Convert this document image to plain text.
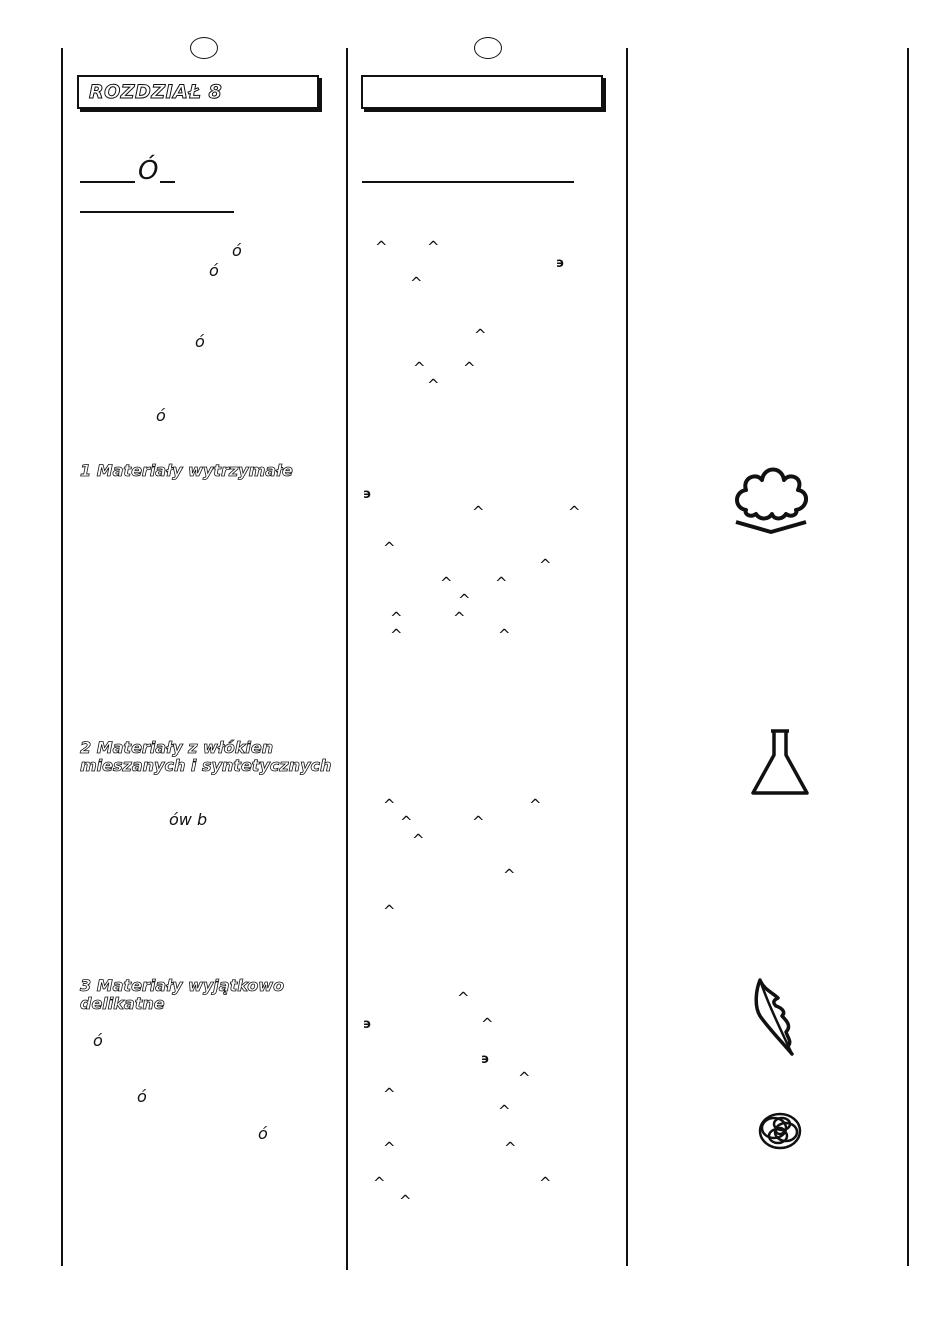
ROZDZIAŁ 8
Ó
ó
ó
ó
ó
1 Materiały wytrzymałe
2 Materiały z włókien
mieszanych i syntetycznych
ów b
3 Materiały wyjątkowo
delikatne
ó
ó
ó
^	^
^
^
^ ^
^
^	^
^
^
^	^
^
^	^
^	^
^	^
^	^
^
^
^
^
^
^
^
^
^	^
^	^
^
϶
϶
϶
϶
